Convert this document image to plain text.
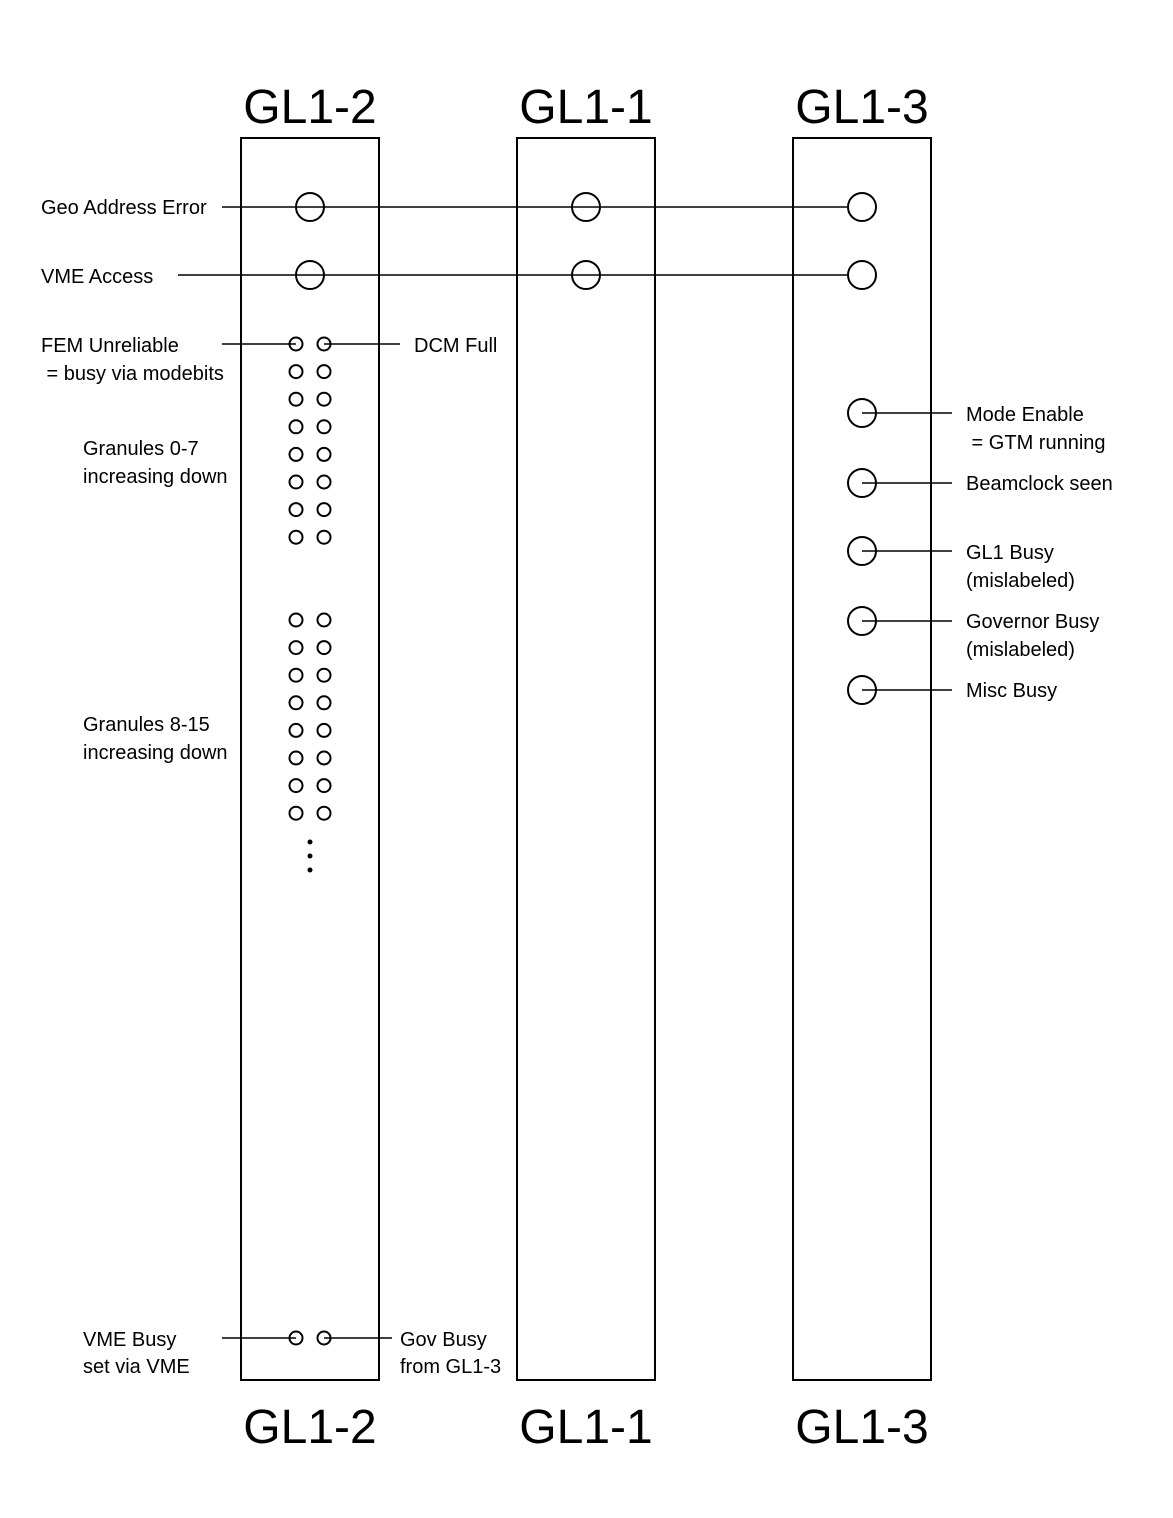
GL1-2	GL1-1	GL1-3
GL1-2	GL1-1	GL1-3
Geo Address Error
VME Access
FEM Unreliable
= busy via modebits
DCM Full
Granules 0-7
increasing down
Granules 8-15
increasing down
VME Busy
set via VME
Gov Busy
from GL1-3
Mode Enable
= GTM running
Beamclock seen
GL1 Busy
(mislabeled)
Governor Busy
(mislabeled)
Misc Busy
